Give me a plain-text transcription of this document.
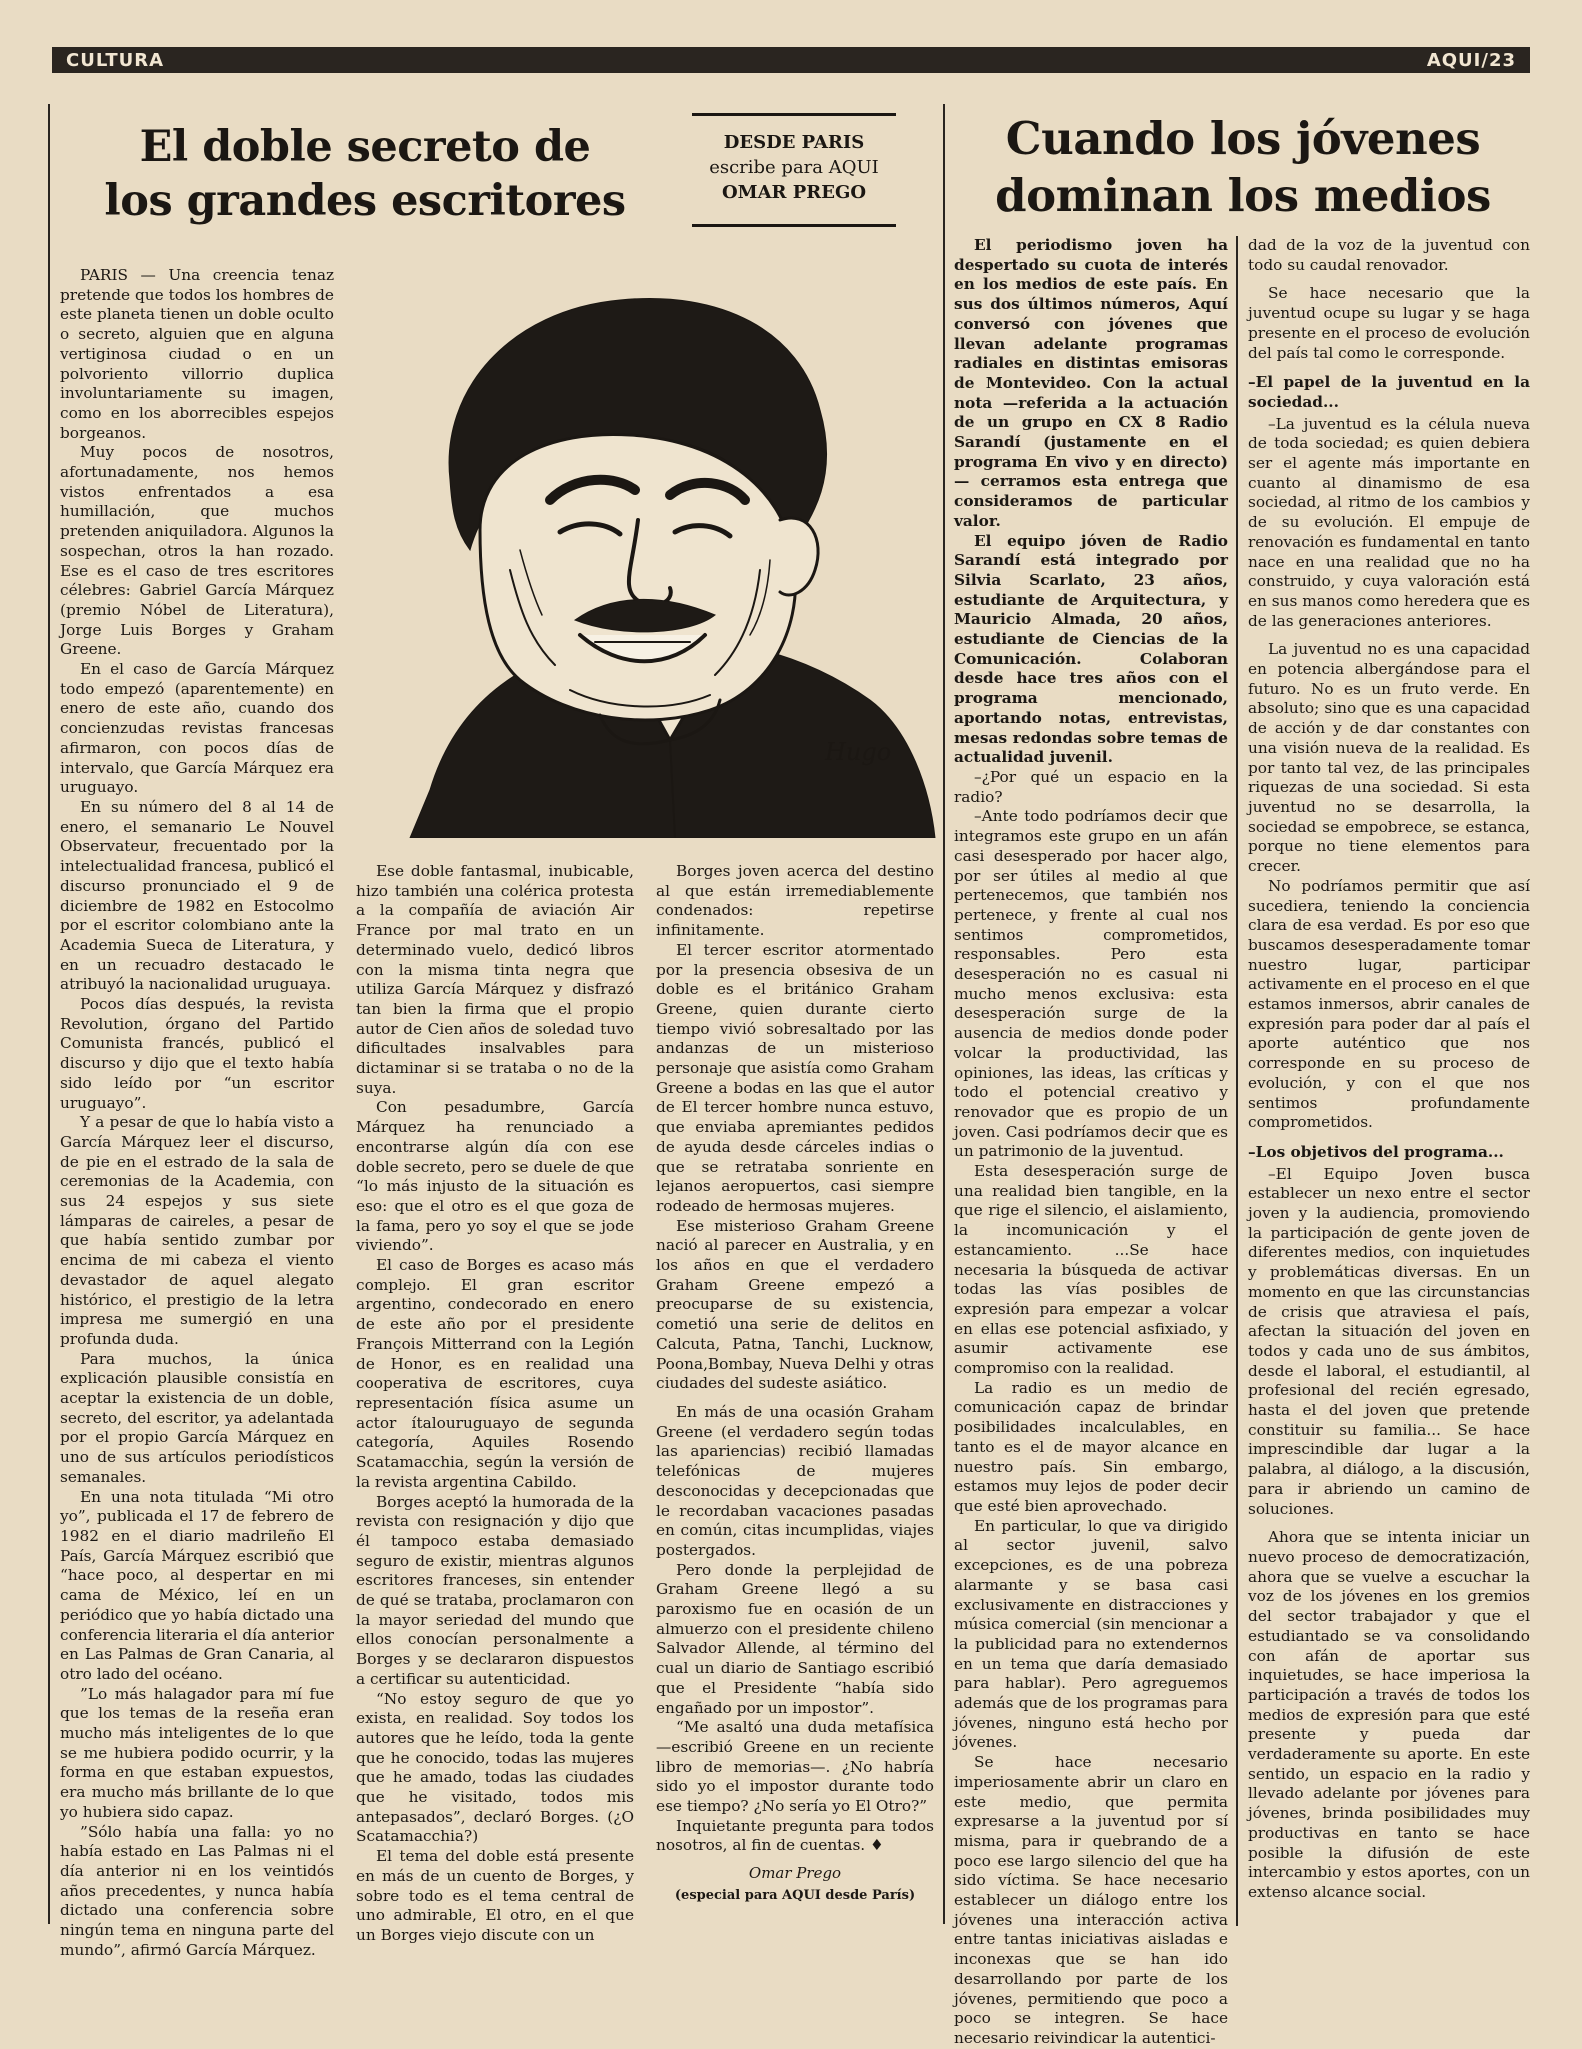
CULTURA	AQUI/23
El doble secreto de
los grandes escritores
DESDE PARIS
escribe para AQUI
OMAR PREGO
Cuando los jóvenes
dominan los medios
Hugo

PARIS — Una creencia tenaz pretende que todos los hombres de este planeta tienen un doble oculto o secreto, alguien que en alguna vertiginosa ciudad o en un polvoriento villorrio duplica involuntariamente su imagen, como en los aborrecibles espejos borgeanos.

Muy pocos de nosotros, afortunadamente, nos hemos vistos enfrentados a esa humillación, que muchos pretenden aniquiladora. Algunos la sospechan, otros la han rozado. Ese es el caso de tres escritores célebres: Gabriel García Márquez (premio Nóbel de Literatura), Jorge Luis Borges y Graham Greene.

En el caso de García Márquez todo empezó (aparentemente) en enero de este año, cuando dos concienzudas revistas francesas afirmaron, con pocos días de intervalo, que García Márquez era uruguayo.

En su número del 8 al 14 de enero, el semanario Le Nouvel Observateur, frecuentado por la intelectualidad francesa, publicó el discurso pronunciado el 9 de diciembre de 1982 en Estocolmo por el escritor colombiano ante la Academia Sueca de Literatura, y en un recuadro destacado le atribuyó la nacionalidad uruguaya.

Pocos días después, la revista Revolution, órgano del Partido Comunista francés, publicó el discurso y dijo que el texto había sido leído por “un escritor uruguayo”.

Y a pesar de que lo había visto a García Márquez leer el discurso, de pie en el estrado de la sala de ceremonias de la Academia, con sus 24 espejos y sus siete lámparas de caireles, a pesar de que había sentido zumbar por encima de mi cabeza el viento devastador de aquel alegato histórico, el prestigio de la letra impresa me sumergió en una profunda duda.

Para muchos, la única explicación plausible consistía en aceptar la existencia de un doble, secreto, del escritor, ya adelantada por el propio García Márquez en uno de sus artículos periodísticos semanales.

En una nota titulada “Mi otro yo”, publicada el 17 de febrero de 1982 en el diario madrileño El País, García Márquez escribió que “hace poco, al despertar en mi cama de México, leí en un periódico que yo había dictado una conferencia literaria el día anterior en Las Palmas de Gran Canaria, al otro lado del océano.

”Lo más halagador para mí fue que los temas de la reseña eran mucho más inteligentes de lo que se me hubiera podido ocurrir, y la forma en que estaban expuestos, era mucho más brillante de lo que yo hubiera sido capaz.

”Sólo había una falla: yo no había estado en Las Palmas ni el día anterior ni en los veintidós años precedentes, y nunca había dictado una conferencia sobre ningún tema en ninguna parte del mundo”, afirmó García Márquez.

Ese doble fantasmal, inubicable, hizo también una colérica protesta a la compañía de aviación Air France por mal trato en un determinado vuelo, dedicó libros con la misma tinta negra que utiliza García Márquez y disfrazó tan bien la firma que el propio autor de Cien años de soledad tuvo dificultades insalvables para dictaminar si se trataba o no de la suya.

Con pesadumbre, García Márquez ha renunciado a encontrarse algún día con ese doble secreto, pero se duele de que “lo más injusto de la situación es eso: que el otro es el que goza de la fama, pero yo soy el que se jode viviendo”.

El caso de Borges es acaso más complejo. El gran escritor argentino, condecorado en enero de este año por el presidente François Mitterrand con la Legión de Honor, es en realidad una cooperativa de escritores, cuya representación física asume un actor ítalouruguayo de segunda categoría, Aquiles Rosendo Scatamacchia, según la versión de la revista argentina Cabildo.

Borges aceptó la humorada de la revista con resignación y dijo que él tampoco estaba demasiado seguro de existir, mientras algunos escritores franceses, sin entender de qué se trataba, proclamaron con la mayor seriedad del mundo que ellos conocían personalmente a Borges y se declararon dispuestos a certificar su autenticidad.

“No estoy seguro de que yo exista, en realidad. Soy todos los autores que he leído, toda la gente que he conocido, todas las mujeres que he amado, todas las ciudades que he visitado, todos mis antepasados”, declaró Borges. (¿O Scatamacchia?)

El tema del doble está presente en más de un cuento de Borges, y sobre todo es el tema central de uno admirable, El otro, en el que un Borges viejo discute con un

Borges joven acerca del destino al que están irremediablemente condenados: repetirse infinitamente.

El tercer escritor atormentado por la presencia obsesiva de un doble es el británico Graham Greene, quien durante cierto tiempo vivió sobresaltado por las andanzas de un misterioso personaje que asistía como Graham Greene a bodas en las que el autor de El tercer hombre nunca estuvo, que enviaba apremiantes pedidos de ayuda desde cárceles indias o que se retrataba sonriente en lejanos aeropuertos, casi siempre rodeado de hermosas mujeres.

Ese misterioso Graham Greene nació al parecer en Australia, y en los años en que el verdadero Graham Greene empezó a preocuparse de su existencia, cometió una serie de delitos en Calcuta, Patna, Tanchi, Lucknow, Poona,Bombay, Nueva Delhi y otras ciudades del sudeste asiático.

En más de una ocasión Graham Greene (el verdadero según todas las apariencias) recibió llamadas telefónicas de mujeres desconocidas y decepcionadas que le recordaban vacaciones pasadas en común, citas incumplidas, viajes postergados.

Pero donde la perplejidad de Graham Greene llegó a su paroxismo fue en ocasión de un almuerzo con el presidente chileno Salvador Allende, al término del cual un diario de Santiago escribió que el Presidente “había sido engañado por un impostor”.

“Me asaltó una duda metafísica —escribió Greene en un reciente libro de memorias—. ¿No habría sido yo el impostor durante todo ese tiempo? ¿No sería yo El Otro?”

Inquietante pregunta para todos nosotros, al fin de cuentas. ♦

Omar Prego
(especial para AQUI desde París)

El periodismo joven ha despertado su cuota de interés en los medios de este país. En sus dos últimos números, Aquí conversó con jóvenes que llevan adelante programas radiales en distintas emisoras de Montevideo. Con la actual nota —referida a la actuación de un grupo en CX 8 Radio Sarandí (justamente en el programa En vivo y en directo)— cerramos esta entrega que consideramos de particular valor.

El equipo jóven de Radio Sarandí está integrado por Silvia Scarlato, 23 años, estudiante de Arquitectura, y Mauricio Almada, 20 años, estudiante de Ciencias de la Comunicación. Colaboran desde hace tres años con el programa mencionado, aportando notas, entrevistas, mesas redondas sobre temas de actualidad juvenil.

–¿Por qué un espacio en la radio?

–Ante todo podríamos decir que integramos este grupo en un afán casi desesperado por hacer algo, por ser útiles al medio al que pertenecemos, que también nos pertenece, y frente al cual nos sentimos comprometidos, responsables. Pero esta desesperación no es casual ni mucho menos exclusiva: esta desesperación surge de la ausencia de medios donde poder volcar la productividad, las opiniones, las ideas, las críticas y todo el potencial creativo y renovador que es propio de un joven. Casi podríamos decir que es un patrimonio de la juventud.

Esta desesperación surge de una realidad bien tangible, en la que rige el silencio, el aislamiento, la incomunicación y el estancamiento. ...Se hace necesaria la búsqueda de activar todas las vías posibles de expresión para empezar a volcar en ellas ese potencial asfixiado, y asumir activamente ese compromiso con la realidad.

La radio es un medio de comunicación capaz de brindar posibilidades incalculables, en tanto es el de mayor alcance en nuestro país. Sin embargo, estamos muy lejos de poder decir que esté bien aprovechado.

En particular, lo que va dirigido al sector juvenil, salvo excepciones, es de una pobreza alarmante y se basa casi exclusivamente en distracciones y música comercial (sin mencionar a la publicidad para no extendernos en un tema que daría demasiado para hablar). Pero agreguemos además que de los programas para jóvenes, ninguno está hecho por jóvenes.

Se hace necesario imperiosamente abrir un claro en este medio, que permita expresarse a la juventud por sí misma, para ir quebrando de a poco ese largo silencio del que ha sido víctima. Se hace necesario establecer un diálogo entre los jóvenes una interacción activa entre tantas iniciativas aisladas e inconexas que se han ido desarrollando por parte de los jóvenes, permitiendo que poco a poco se integren. Se hace necesario reivindicar la autentici-

dad de la voz de la juventud con todo su caudal renovador.

Se hace necesario que la juventud ocupe su lugar y se haga presente en el proceso de evolución del país tal como le corresponde.

–El papel de la juventud en la sociedad...

–La juventud es la célula nueva de toda sociedad; es quien debiera ser el agente más importante en cuanto al dinamismo de esa sociedad, al ritmo de los cambios y de su evolución. El empuje de renovación es fundamental en tanto nace en una realidad que no ha construido, y cuya valoración está en sus manos como heredera que es de las generaciones anteriores.

La juventud no es una capacidad en potencia albergándose para el futuro. No es un fruto verde. En absoluto; sino que es una capacidad de acción y de dar constantes con una visión nueva de la realidad. Es por tanto tal vez, de las principales riquezas de una sociedad. Si esta juventud no se desarrolla, la sociedad se empobrece, se estanca, porque no tiene elementos para crecer.

No podríamos permitir que así sucediera, teniendo la conciencia clara de esa verdad. Es por eso que buscamos desesperadamente tomar nuestro lugar, participar activamente en el proceso en el que estamos inmersos, abrir canales de expresión para poder dar al país el aporte auténtico que nos corresponde en su proceso de evolución, y con el que nos sentimos profundamente comprometidos.

–Los objetivos del programa...

–El Equipo Joven busca establecer un nexo entre el sector joven y la audiencia, promoviendo la participación de gente joven de diferentes medios, con inquietudes y problemáticas diversas. En un momento en que las circunstancias de crisis que atraviesa el país, afectan la situación del joven en todos y cada uno de sus ámbitos, desde el laboral, el estudiantil, al profesional del recién egresado, hasta el del joven que pretende constituir su familia... Se hace imprescindible dar lugar a la palabra, al diálogo, a la discusión, para ir abriendo un camino de soluciones.

Ahora que se intenta iniciar un nuevo proceso de democratización, ahora que se vuelve a escuchar la voz de los jóvenes en los gremios del sector trabajador y que el estudiantado se va consolidando con afán de aportar sus inquietudes, se hace imperiosa la participación a través de todos los medios de expresión para que esté presente y pueda dar verdaderamente su aporte. En este sentido, un espacio en la radio y llevado adelante por jóvenes para jóvenes, brinda posibilidades muy productivas en tanto se hace posible la difusión de este intercambio y estos aportes, con un extenso alcance social.
